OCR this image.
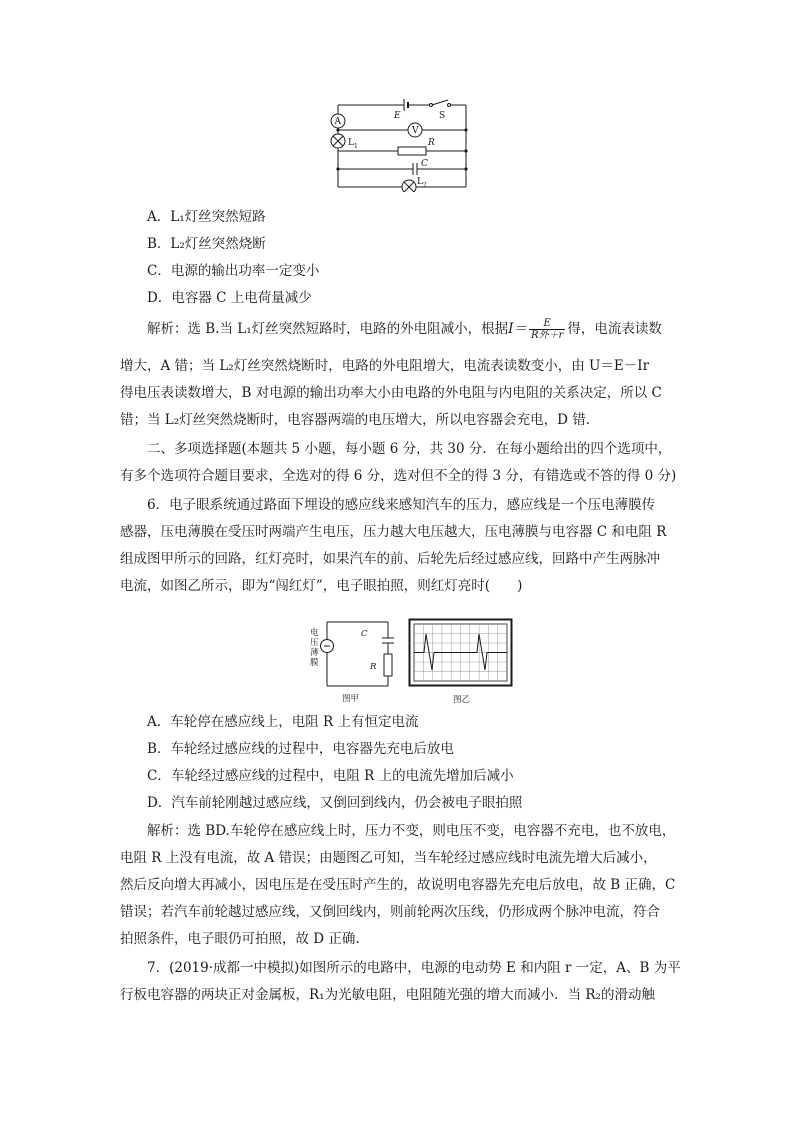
A
V
E	S
L 1	R
C
L 2
A．L₁灯丝突然短路
B．L₂灯丝突然烧断
C．电源的输出功率一定变小
D．电容器 C 上电荷量减少
解析：选 B.当 L₁灯丝突然短路时，电路的外电阻减小，根据$I= \frac{E}{\text{R外＋r}}$ 得，电流表读数
增大，A 错；当 L₂灯丝突然烧断时，电路的外电阻增大，电流表读数变小，由 U＝E－Ir
得电压表读数增大，B 对电源的输出功率大小由电路的外电阻与内电阻的关系决定，所以 C
错；当 L₂灯丝突然烧断时，电容器两端的电压增大，所以电容器会充电，D 错.
二、多项选择题(本题共 5 小题，每小题 6 分，共 30 分．在每小题给出的四个选项中，
有多个选项符合题目要求，全选对的得 6 分，选对但不全的得 3 分，有错选或不答的得 0 分)
6．电子眼系统通过路面下埋设的感应线来感知汽车的压力，感应线是一个压电薄膜传
感器，压电薄膜在受压时两端产生电压，压力越大电压越大，压电薄膜与电容器 C 和电阻 R
组成图甲所示的回路，红灯亮时，如果汽车的前、后轮先后经过感应线，回路中产生两脉冲
电流，如图乙所示，即为“闯红灯”，电子眼拍照，则红灯亮时(　　)
电
压
薄
膜
C
R
图甲	图乙
A．车轮停在感应线上，电阻 R 上有恒定电流
B．车轮经过感应线的过程中，电容器先充电后放电
C．车轮经过感应线的过程中，电阻 R 上的电流先增加后减小
D．汽车前轮刚越过感应线，又倒回到线内，仍会被电子眼拍照
解析：选 BD.车轮停在感应线上时，压力不变，则电压不变，电容器不充电，也不放电，
电阻 R 上没有电流，故 A 错误；由题图乙可知，当车轮经过感应线时电流先增大后减小，
然后反向增大再减小，因电压是在受压时产生的，故说明电容器先充电后放电，故 B 正确，C
错误；若汽车前轮越过感应线，又倒回线内，则前轮两次压线，仍形成两个脉冲电流，符合
拍照条件，电子眼仍可拍照，故 D 正确.
7．(2019·成都一中模拟)如图所示的电路中，电源的电动势 E 和内阻 r 一定，A、B 为平
行板电容器的两块正对金属板，R₁为光敏电阻，电阻随光强的增大而减小．当 R₂的滑动触
